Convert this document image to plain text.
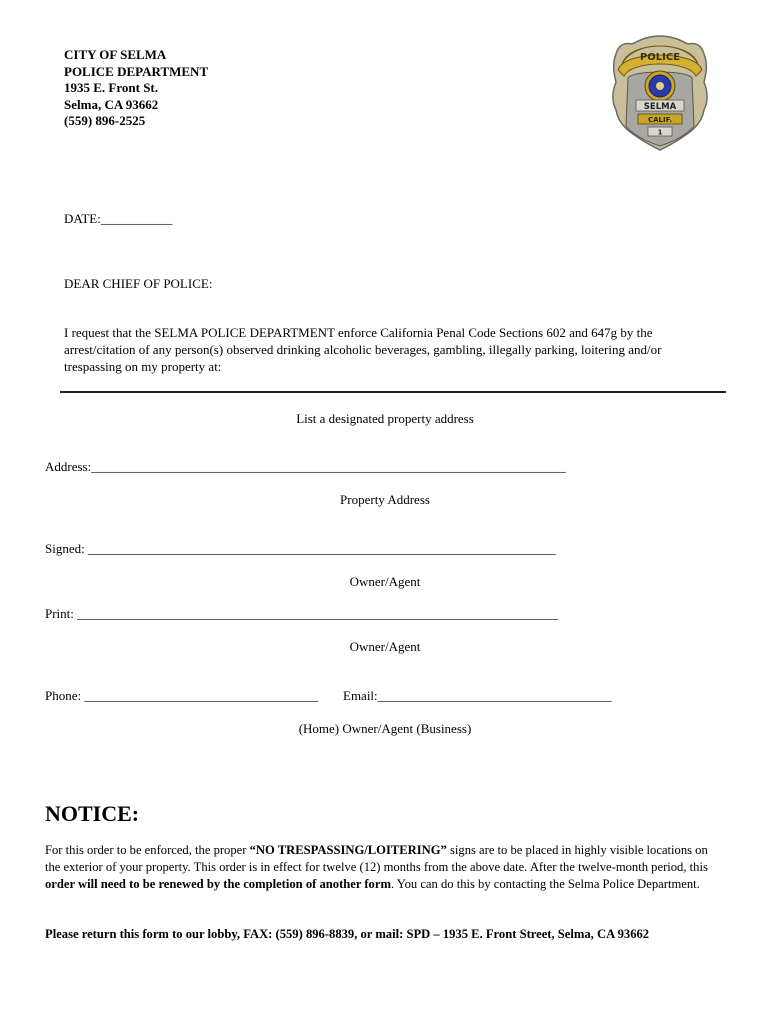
CITY OF SELMA
POLICE DEPARTMENT
1935 E. Front St.
Selma, CA 93662
(559) 896-2525
POLICE
SELMA
CALIF.
1
DATE:___________
DEAR CHIEF OF POLICE:
I request that the SELMA POLICE DEPARTMENT enforce California Penal Code Sections 602 and 647g by the arrest/citation of any person(s) observed drinking alcoholic beverages, gambling, illegally parking, loitering and/or trespassing on my property at:
List a designated property address
Address:_________________________________________________________________________
Property Address
Signed: ________________________________________________________________________
Owner/Agent
Print: __________________________________________________________________________
Owner/Agent
Phone: ____________________________________ Email:____________________________________
(Home) Owner/Agent (Business)
NOTICE:
For this order to be enforced, the proper “NO TRESPASSING/LOITERING” signs are to be placed in highly visible locations on the exterior of your property. This order is in effect for twelve (12) months from the above date. After the twelve-month period, this order will need to be renewed by the completion of another form. You can do this by contacting the Selma Police Department.
Please return this form to our lobby, FAX: (559) 896-8839, or mail: SPD – 1935 E. Front Street, Selma, CA 93662
